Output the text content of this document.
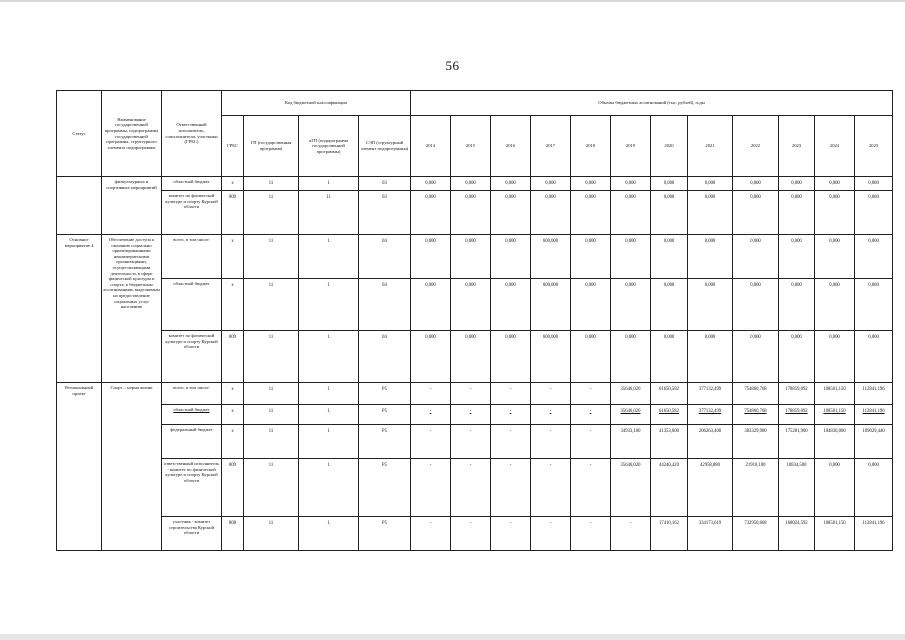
56
Статус	Наименование государственной программы, подпрограммы государственной программы, структурного элемента подпрограммы	Ответственный исполнитель, соисполнители, участники (ГРБС)	Код бюджетной классификации				Объемы бюджетных ассигнований (тыс. рублей), годы											
			ГРБС	ГП (государственная программа)	пГП (подпрограмма государственной программы)	СЭП (структурный элемент подпрограммы)	2014	2015	2016	2017	2018	2019	2020	2021	2022	2023	2024	2025
	физкультурных и спортивных мероприятий	областной бюджет	x	11	1	03	0,000	0,000	0,000	0,000	0,000	0,000	0,000	0,000	0,000	0,000	0,000	0,000
		комитет по физической культуре и спорту Курской области	809	11	11	03	0,000	0,000	0,000	0,000	0,000	0,000	0,000	0,000	0,000	0,000	0,000	0,000
Основное мероприятие 4	Обеспечение доступа к оказанию социально ориентированными некоммерческими организациями, осуществляющими деятельность в сфере физической культуры и спорта, к бюджетным ассигнованиям, выделяемым на предоставление социальных услуг населению	всего, в том числе:	x	11	1	04	0,000	0,000	0,000	600,000	0,000	0,000	0,000	0,000	0,000	0,000	0,000	0,000
		областной бюджет	x	11	1	04	0,000	0,000	0,000	600,000	0,000	0,000	0,000	0,000	0,000	0,000	0,000	0,000
		комитет по физической культуре и спорту Курской области	809	11	1	04	0,000	0,000	0,000	600,000	0,000	0,000	0,000	0,000	0,000	0,000	0,000	0,000
Региональный проект	Спорт – норма жизни	всего, в том числе:	x	11	1	P5	-	-	-	-	-	35646,020	61650,582	377132,499	754860,768	178859,092	108501,150	112841,196
		областной бюджет	x	11	1	P5	-	-	-	-	-	35646,020	61650,582	377132,499	754860,768	178859,092	108501,150	112841,196
		федеральный бюджет	x	11	1	P5	-	-	-	-	-	34933,100	41353,600	206263,400	383329,900	175281,900	104836,000	109029,440
		ответственный исполнитель - комитет по физической культуре и спорту Курской области	809	11	1	P5	-	-	-	-	-	35646,020	44240,420	42958,880	21910,100	10834,500	0,000	0,000
		участник - комитет строительства Курской области	808	11	1	P5	-	-	-	-	-	-	17410,162	334173,619	732950,668	168024,592	108501,150	112841,196
